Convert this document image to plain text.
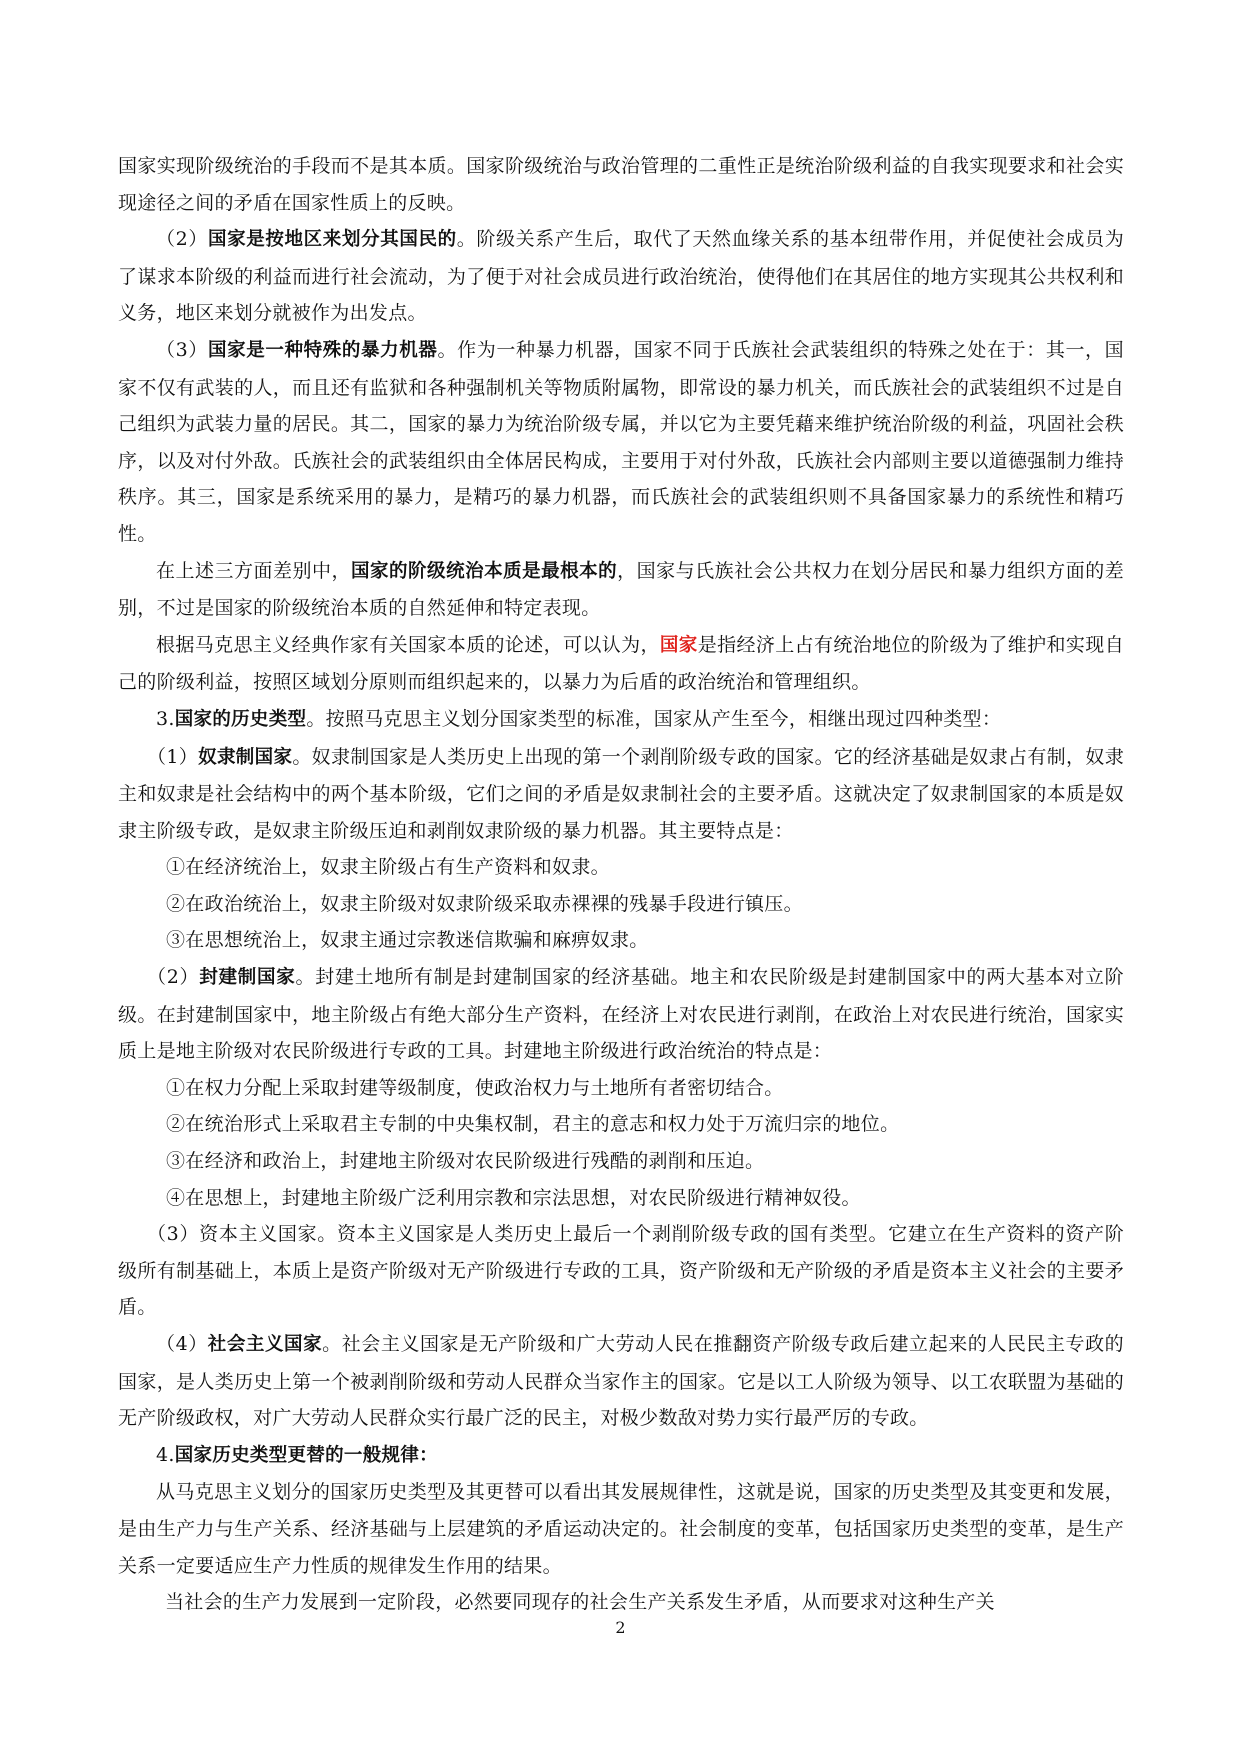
国家实现阶级统治的手段而不是其本质。国家阶级统治与政治管理的二重性正是统治阶级利益的自我实现要求和社会实现途径之间的矛盾在国家性质上的反映。

（2）国家是按地区来划分其国民的。阶级关系产生后，取代了天然血缘关系的基本纽带作用，并促使社会成员为了谋求本阶级的利益而进行社会流动，为了便于对社会成员进行政治统治，使得他们在其居住的地方实现其公共权利和义务，地区来划分就被作为出发点。

（3）国家是一种特殊的暴力机器。作为一种暴力机器，国家不同于氏族社会武装组织的特殊之处在于：其一，国家不仅有武装的人，而且还有监狱和各种强制机关等物质附属物，即常设的暴力机关，而氏族社会的武装组织不过是自己组织为武装力量的居民。其二，国家的暴力为统治阶级专属，并以它为主要凭藉来维护统治阶级的利益，巩固社会秩序，以及对付外敌。氏族社会的武装组织由全体居民构成，主要用于对付外敌，氏族社会内部则主要以道德强制力维持秩序。其三，国家是系统采用的暴力，是精巧的暴力机器，而氏族社会的武装组织则不具备国家暴力的系统性和精巧性。

在上述三方面差别中，国家的阶级统治本质是最根本的，国家与氏族社会公共权力在划分居民和暴力组织方面的差别，不过是国家的阶级统治本质的自然延伸和特定表现。

根据马克思主义经典作家有关国家本质的论述，可以认为，国家是指经济上占有统治地位的阶级为了维护和实现自己的阶级利益，按照区域划分原则而组织起来的，以暴力为后盾的政治统治和管理组织。

3.国家的历史类型。按照马克思主义划分国家类型的标准，国家从产生至今，相继出现过四种类型：

（1）奴隶制国家。奴隶制国家是人类历史上出现的第一个剥削阶级专政的国家。它的经济基础是奴隶占有制，奴隶主和奴隶是社会结构中的两个基本阶级，它们之间的矛盾是奴隶制社会的主要矛盾。这就决定了奴隶制国家的本质是奴隶主阶级专政，是奴隶主阶级压迫和剥削奴隶阶级的暴力机器。其主要特点是：

①在经济统治上，奴隶主阶级占有生产资料和奴隶。

②在政治统治上，奴隶主阶级对奴隶阶级采取赤裸裸的残暴手段进行镇压。

③在思想统治上，奴隶主通过宗教迷信欺骗和麻痹奴隶。

（2）封建制国家。封建土地所有制是封建制国家的经济基础。地主和农民阶级是封建制国家中的两大基本对立阶级。在封建制国家中，地主阶级占有绝大部分生产资料，在经济上对农民进行剥削，在政治上对农民进行统治，国家实质上是地主阶级对农民阶级进行专政的工具。封建地主阶级进行政治统治的特点是：

①在权力分配上采取封建等级制度，使政治权力与土地所有者密切结合。

②在统治形式上采取君主专制的中央集权制，君主的意志和权力处于万流归宗的地位。

③在经济和政治上，封建地主阶级对农民阶级进行残酷的剥削和压迫。

④在思想上，封建地主阶级广泛利用宗教和宗法思想，对农民阶级进行精神奴役。

（3）资本主义国家。资本主义国家是人类历史上最后一个剥削阶级专政的国有类型。它建立在生产资料的资产阶级所有制基础上，本质上是资产阶级对无产阶级进行专政的工具，资产阶级和无产阶级的矛盾是资本主义社会的主要矛盾。

（4）社会主义国家。社会主义国家是无产阶级和广大劳动人民在推翻资产阶级专政后建立起来的人民民主专政的国家，是人类历史上第一个被剥削阶级和劳动人民群众当家作主的国家。它是以工人阶级为领导、以工农联盟为基础的无产阶级政权，对广大劳动人民群众实行最广泛的民主，对极少数敌对势力实行最严厉的专政。

4.国家历史类型更替的一般规律：

从马克思主义划分的国家历史类型及其更替可以看出其发展规律性，这就是说，国家的历史类型及其变更和发展，是由生产力与生产关系、经济基础与上层建筑的矛盾运动决定的。社会制度的变革，包括国家历史类型的变革，是生产关系一定要适应生产力性质的规律发生作用的结果。

当社会的生产力发展到一定阶段，必然要同现存的社会生产关系发生矛盾，从而要求对这种生产关

2
